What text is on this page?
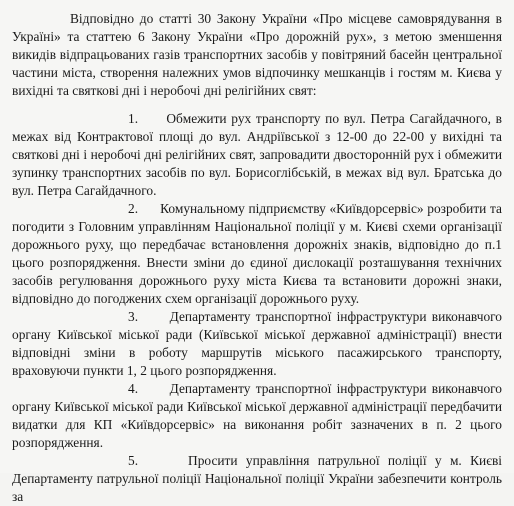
Відповідно до статті 30 Закону України «Про місцеве самоврядування в Україні» та статтею 6 Закону України «Про дорожній рух», з метою зменшення викидів відпрацьованих газів транспортних засобів у повітряний басейн центральної частини міста, створення належних умов відпочинку мешканців і гостям м. Києва у вихідні та святкові дні і неробочі дні релігійних свят:

1. Обмежити рух транспорту по вул. Петра Сагайдачного, в межах від Контрактової площі до вул. Андріївської з 12-00 до 22-00 у вихідні та святкові дні і неробочі дні релігійних свят, запровадити двосторонній рух і обмежити зупинку транспортних засобів по вул. Борисоглібській, в межах від вул. Братська до вул. Петра Сагайдачного.

2. Комунальному підприємству «Київдорсервіс» розробити та погодити з Головним управлінням Національної поліції у м. Києві схеми організації дорожнього руху, що передбачає встановлення дорожніх знаків, відповідно до п.1 цього розпорядження. Внести зміни до єдиної дислокації розташування технічних засобів регулювання дорожнього руху міста Києва та встановити дорожні знаки, відповідно до погоджених схем організації дорожнього руху.

3. Департаменту транспортної інфраструктури виконавчого органу Київської міської ради (Київської міської державної адміністрації) внести відповідні зміни в роботу маршрутів міського пасажирського транспорту, враховуючи пункти 1, 2 цього розпорядження.

4. Департаменту транспортної інфраструктури виконавчого органу Київської міської ради Київської міської державної адміністрації передбачити видатки для КП «Київдорсервіс» на виконання робіт зазначених в п. 2 цього розпорядження.

5.	Просити управління патрульної поліції у м. Києві Департаменту патрульної поліції Національної поліції України забезпечити контроль за
